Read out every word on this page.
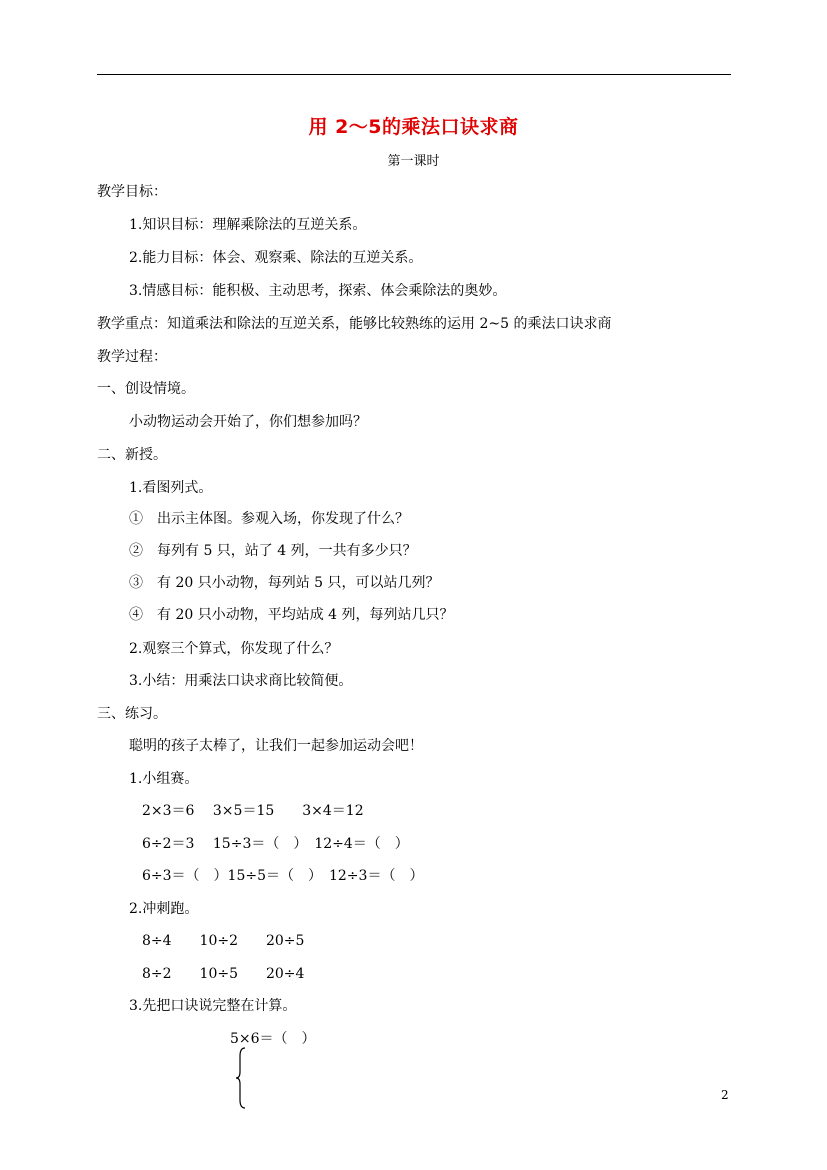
用 2～5的乘法口诀求商
第一课时
教学目标：
1.知识目标：理解乘除法的互逆关系。
2.能力目标：体会、观察乘、除法的互逆关系。
3.情感目标：能积极、主动思考，探索、体会乘除法的奥妙。
教学重点：知道乘法和除法的互逆关系，能够比较熟练的运用 2~5 的乘法口诀求商
教学过程：
一、创设情境。
小动物运动会开始了，你们想参加吗？
二、新授。
1.看图列式。
①　出示主体图。参观入场，你发现了什么？
②　每列有 5 只，站了 4 列，一共有多少只？
③　有 20 只小动物，每列站 5 只，可以站几列？
④　有 20 只小动物，平均站成 4 列，每列站几只？
2.观察三个算式，你发现了什么？
3.小结：用乘法口诀求商比较简便。
三、练习。
聪明的孩子太棒了，让我们一起参加运动会吧！
1.小组赛。
2×3＝6　 3×5＝15　　3×4＝12
6÷2＝3　 15÷3＝（　）　12÷4＝（　）
6÷3＝（　）15÷5＝（　）　12÷3＝（　）
2.冲刺跑。
8÷4　　10÷2　　20÷5
8÷2　　10÷5　　20÷4
3.先把口诀说完整在计算。
5×6＝（　）
2
